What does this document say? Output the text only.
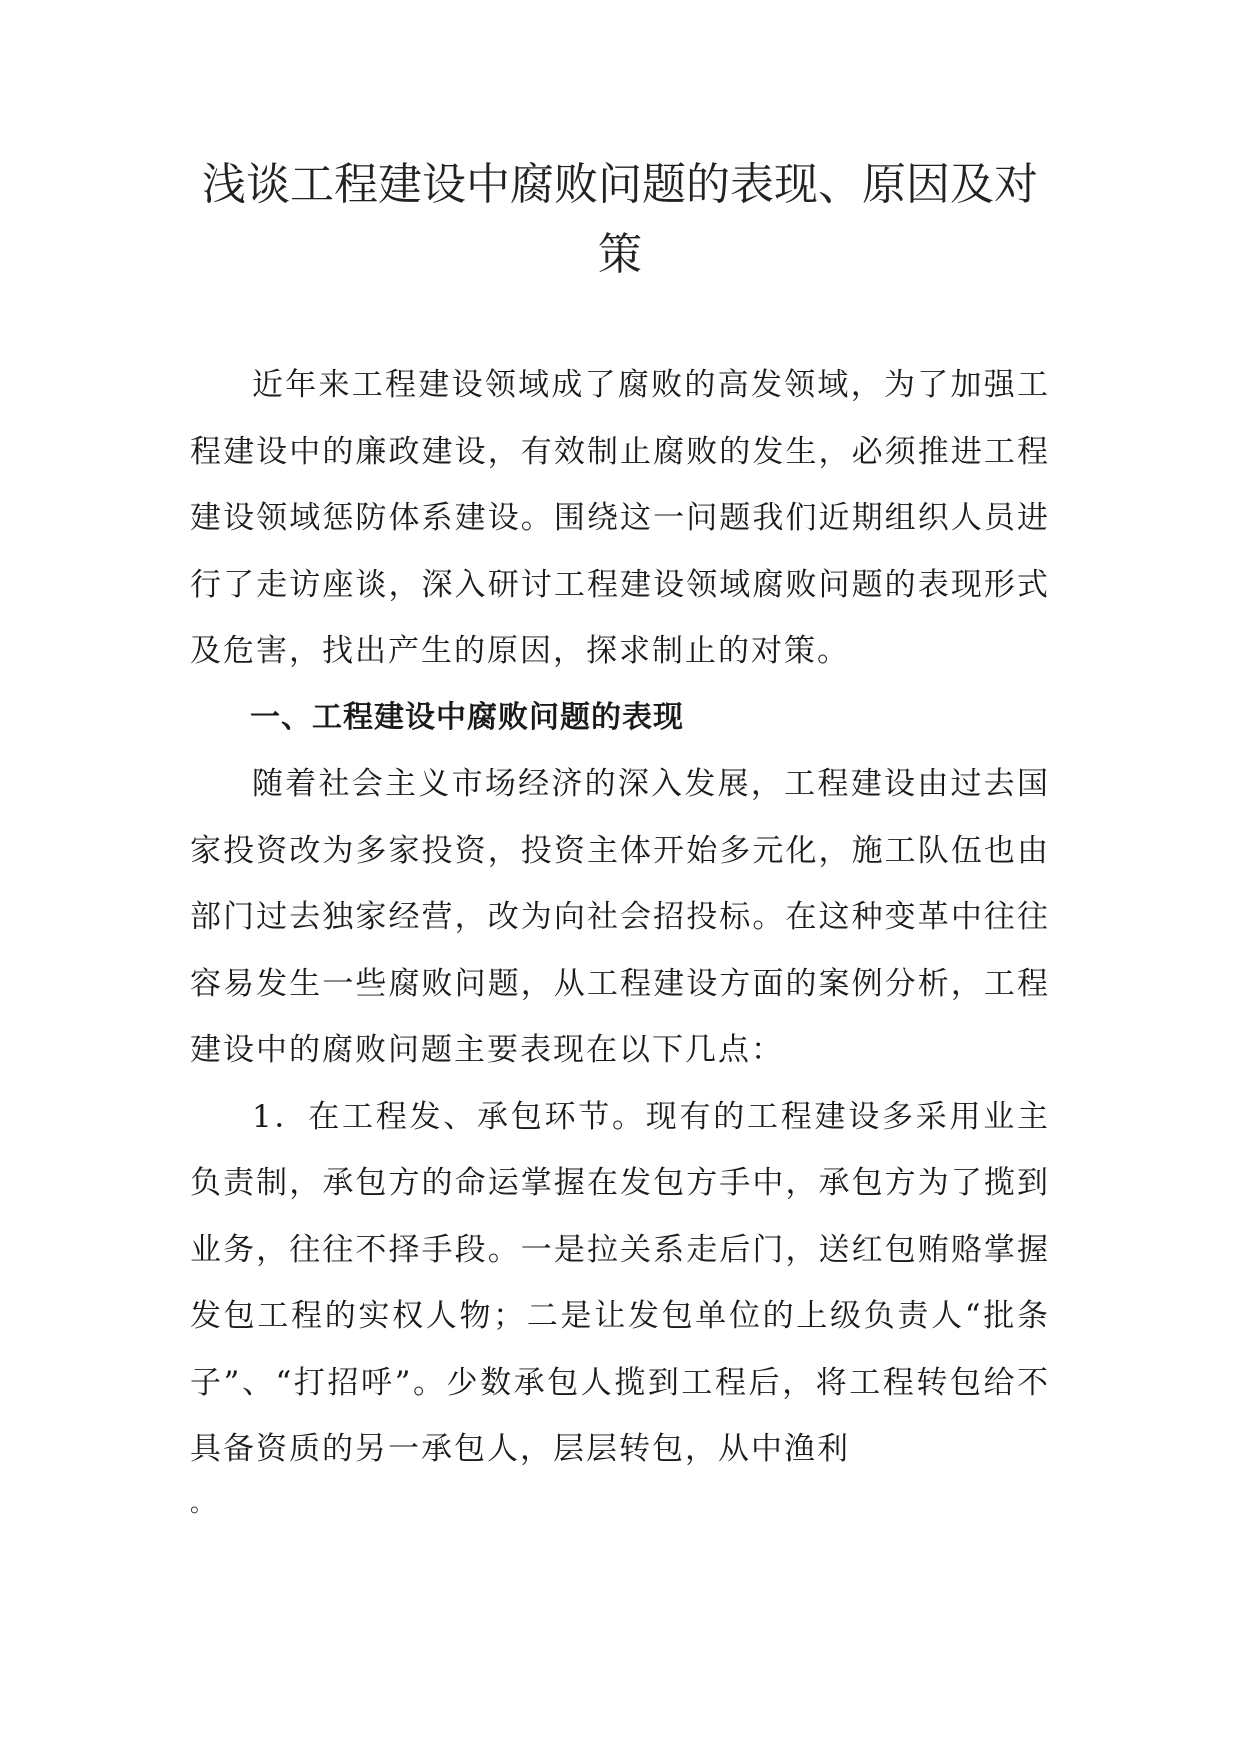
浅谈工程建设中腐败问题的表现、原因及对策

近年来工程建设领域成了腐败的高发领域，为了加强工程建设中的廉政建设，有效制止腐败的发生，必须推进工程建设领域惩防体系建设。围绕这一问题我们近期组织人员进行了走访座谈，深入研讨工程建设领域腐败问题的表现形式及危害，找出产生的原因，探求制止的对策。

一、工程建设中腐败问题的表现

随着社会主义市场经济的深入发展，工程建设由过去国家投资改为多家投资，投资主体开始多元化，施工队伍也由部门过去独家经营，改为向社会招投标。在这种变革中往往容易发生一些腐败问题，从工程建设方面的案例分析，工程建设中的腐败问题主要表现在以下几点：

1．在工程发、承包环节。现有的工程建设多采用业主负责制，承包方的命运掌握在发包方手中，承包方为了揽到业务，往往不择手段。一是拉关系走后门，送红包贿赂掌握发包工程的实权人物；二是让发包单位的上级负责人“批条子”、“打招呼”。少数承包人揽到工程后，将工程转包给不具备资质的另一承包人，层层转包，从中渔利

。
